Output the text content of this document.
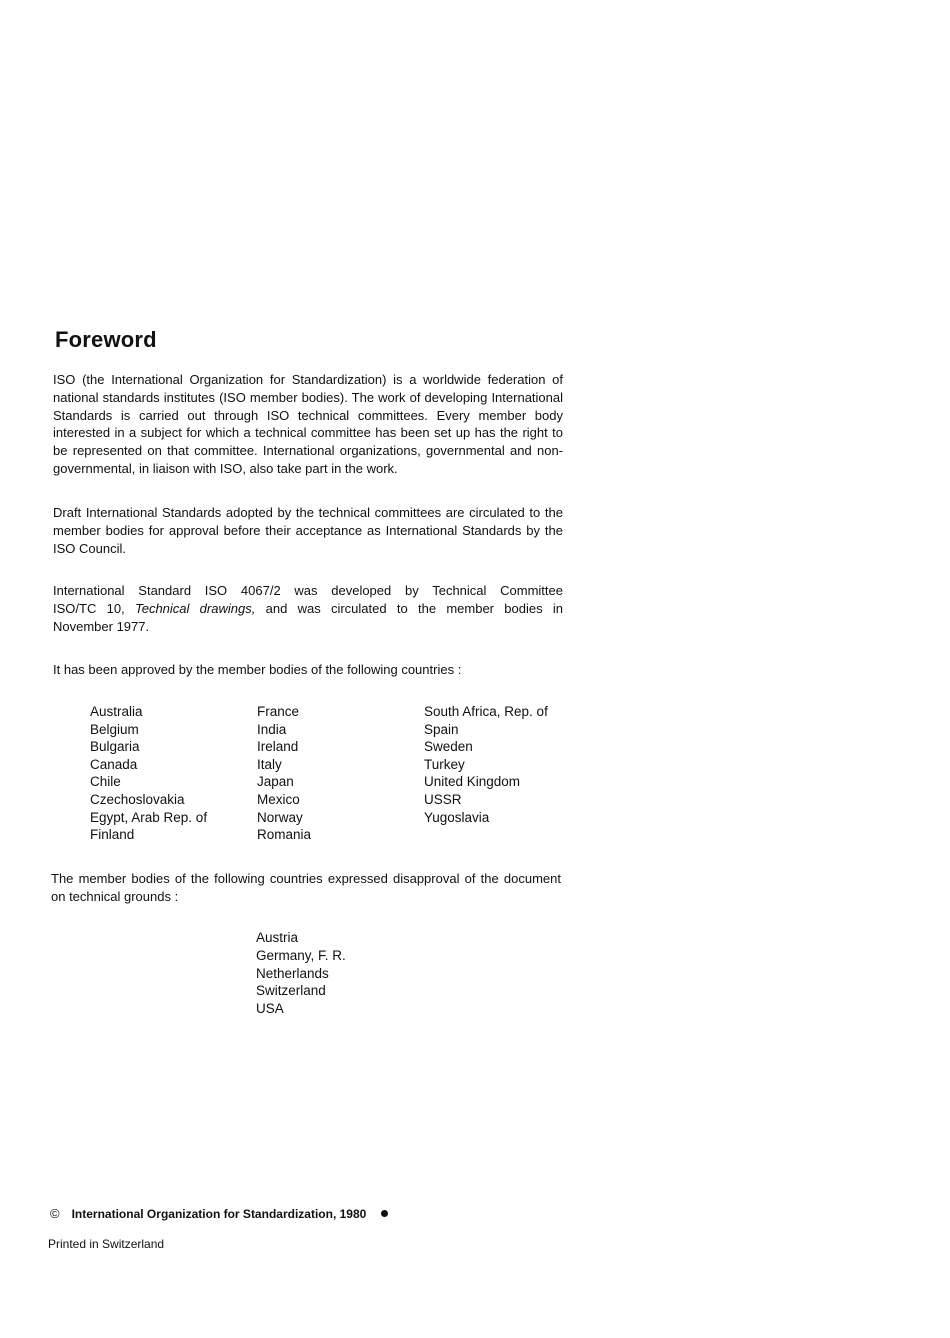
Foreword

ISO (the International Organization for Standardization) is a worldwide federation of national standards institutes (ISO member bodies). The work of developing International Standards is carried out through ISO technical committees. Every member body interested in a subject for which a technical committee has been set up has the right to be represented on that committee. International organizations, governmental and non-governmental, in liaison with ISO, also take part in the work.

Draft International Standards adopted by the technical committees are circulated to the member bodies for approval before their acceptance as International Standards by the ISO Council.

International Standard ISO 4067/2 was developed by Technical Committee
ISO/TC 10, Technical drawings, and was circulated to the member bodies in
November 1977.

It has been approved by the member bodies of the following countries :

Australia
Belgium
Bulgaria
Canada
Chile
Czechoslovakia
Egypt, Arab Rep. of
Finland
France
India
Ireland
Italy
Japan
Mexico
Norway
Romania
South Africa, Rep. of
Spain
Sweden
Turkey
United Kingdom
USSR
Yugoslavia

The member bodies of the following countries expressed disapproval of the document on technical grounds :

Austria
Germany, F. R.
Netherlands
Switzerland
USA
© International Organization for Standardization, 1980
Printed in Switzerland
